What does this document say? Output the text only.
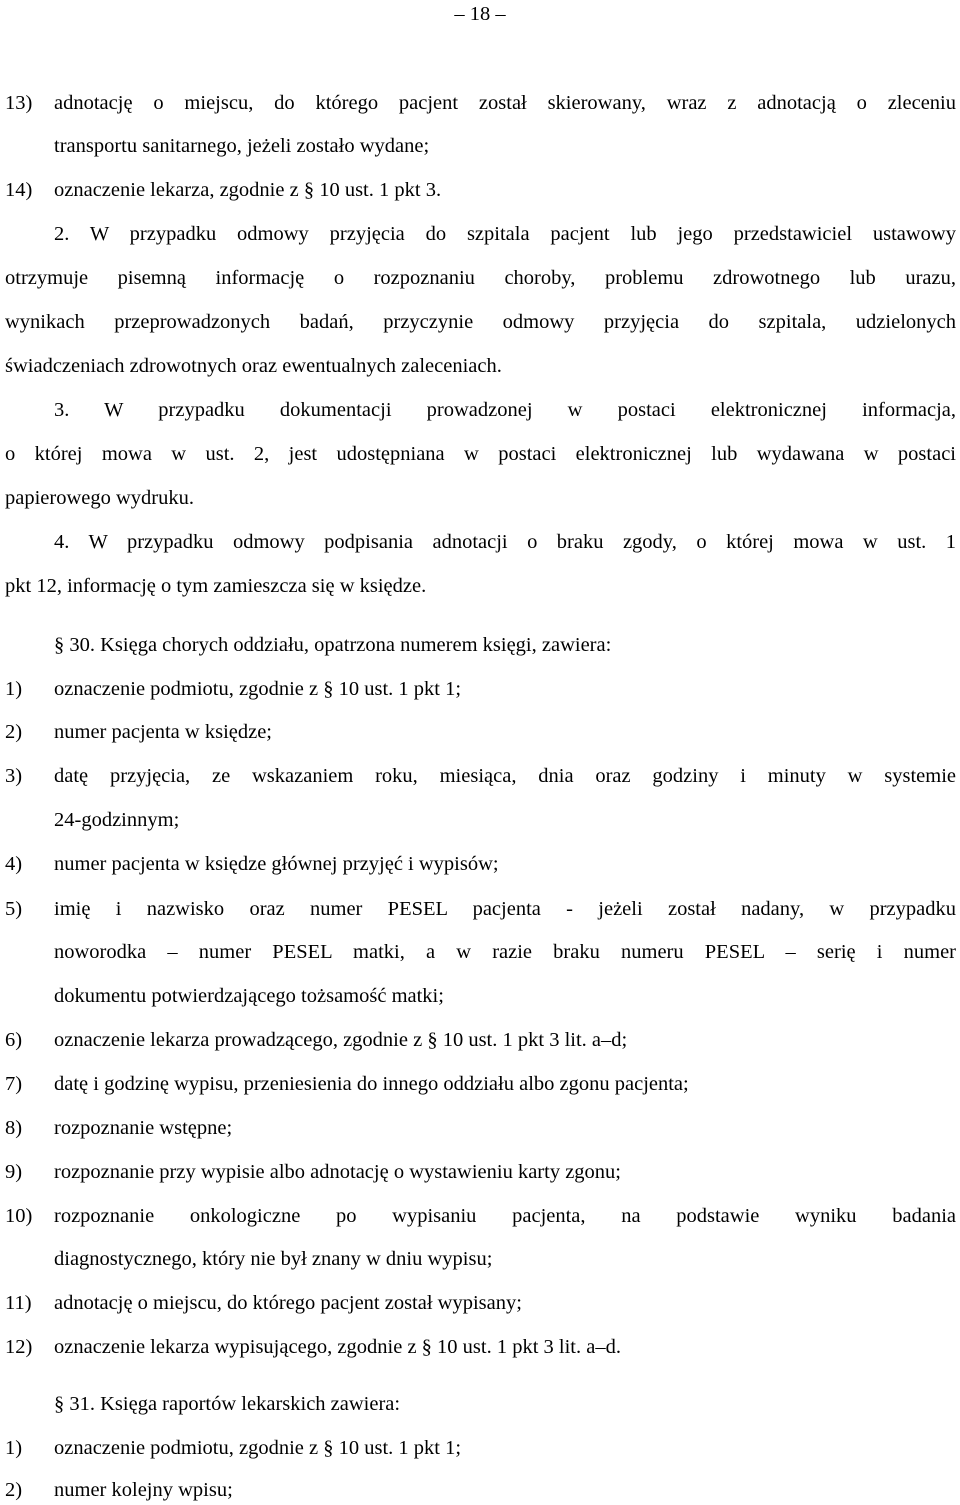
– 18 –
13) adnotację o miejscu, do którego pacjent został skierowany, wraz z adnotacją o zleceniu
transportu sanitarnego, jeżeli zostało wydane;
14) oznaczenie lekarza, zgodnie z § 10 ust. 1 pkt 3.
2. W przypadku odmowy przyjęcia do szpitala pacjent lub jego przedstawiciel ustawowy
otrzymuje pisemną informację o rozpoznaniu choroby, problemu zdrowotnego lub urazu,
wynikach przeprowadzonych badań, przyczynie odmowy przyjęcia do szpitala, udzielonych
świadczeniach zdrowotnych oraz ewentualnych zaleceniach.
3. W przypadku dokumentacji prowadzonej w postaci elektronicznej informacja,
o której mowa w ust. 2, jest udostępniana w postaci elektronicznej lub wydawana w postaci
papierowego wydruku.
4. W przypadku odmowy podpisania adnotacji o braku zgody, o której mowa w ust. 1
pkt 12, informację o tym zamieszcza się w księdze.
§ 30. Księga chorych oddziału, opatrzona numerem księgi, zawiera:
1) oznaczenie podmiotu, zgodnie z § 10 ust. 1 pkt 1;
2) numer pacjenta w księdze;
3) datę przyjęcia, ze wskazaniem roku, miesiąca, dnia oraz godziny i minuty w systemie
24-godzinnym;
4) numer pacjenta w księdze głównej przyjęć i wypisów;
5) imię i nazwisko oraz numer PESEL pacjenta - jeżeli został nadany, w przypadku
noworodka – numer PESEL matki, a w razie braku numeru PESEL – serię i numer
dokumentu potwierdzającego tożsamość matki;
6) oznaczenie lekarza prowadzącego, zgodnie z § 10 ust. 1 pkt 3 lit. a–d;
7) datę i godzinę wypisu, przeniesienia do innego oddziału albo zgonu pacjenta;
8) rozpoznanie wstępne;
9) rozpoznanie przy wypisie albo adnotację o wystawieniu karty zgonu;
10) rozpoznanie onkologiczne po wypisaniu pacjenta, na podstawie wyniku badania
diagnostycznego, który nie był znany w dniu wypisu;
11) adnotację o miejscu, do którego pacjent został wypisany;
12) oznaczenie lekarza wypisującego, zgodnie z § 10 ust. 1 pkt 3 lit. a–d.
§ 31. Księga raportów lekarskich zawiera:
1) oznaczenie podmiotu, zgodnie z § 10 ust. 1 pkt 1;
2) numer kolejny wpisu;
